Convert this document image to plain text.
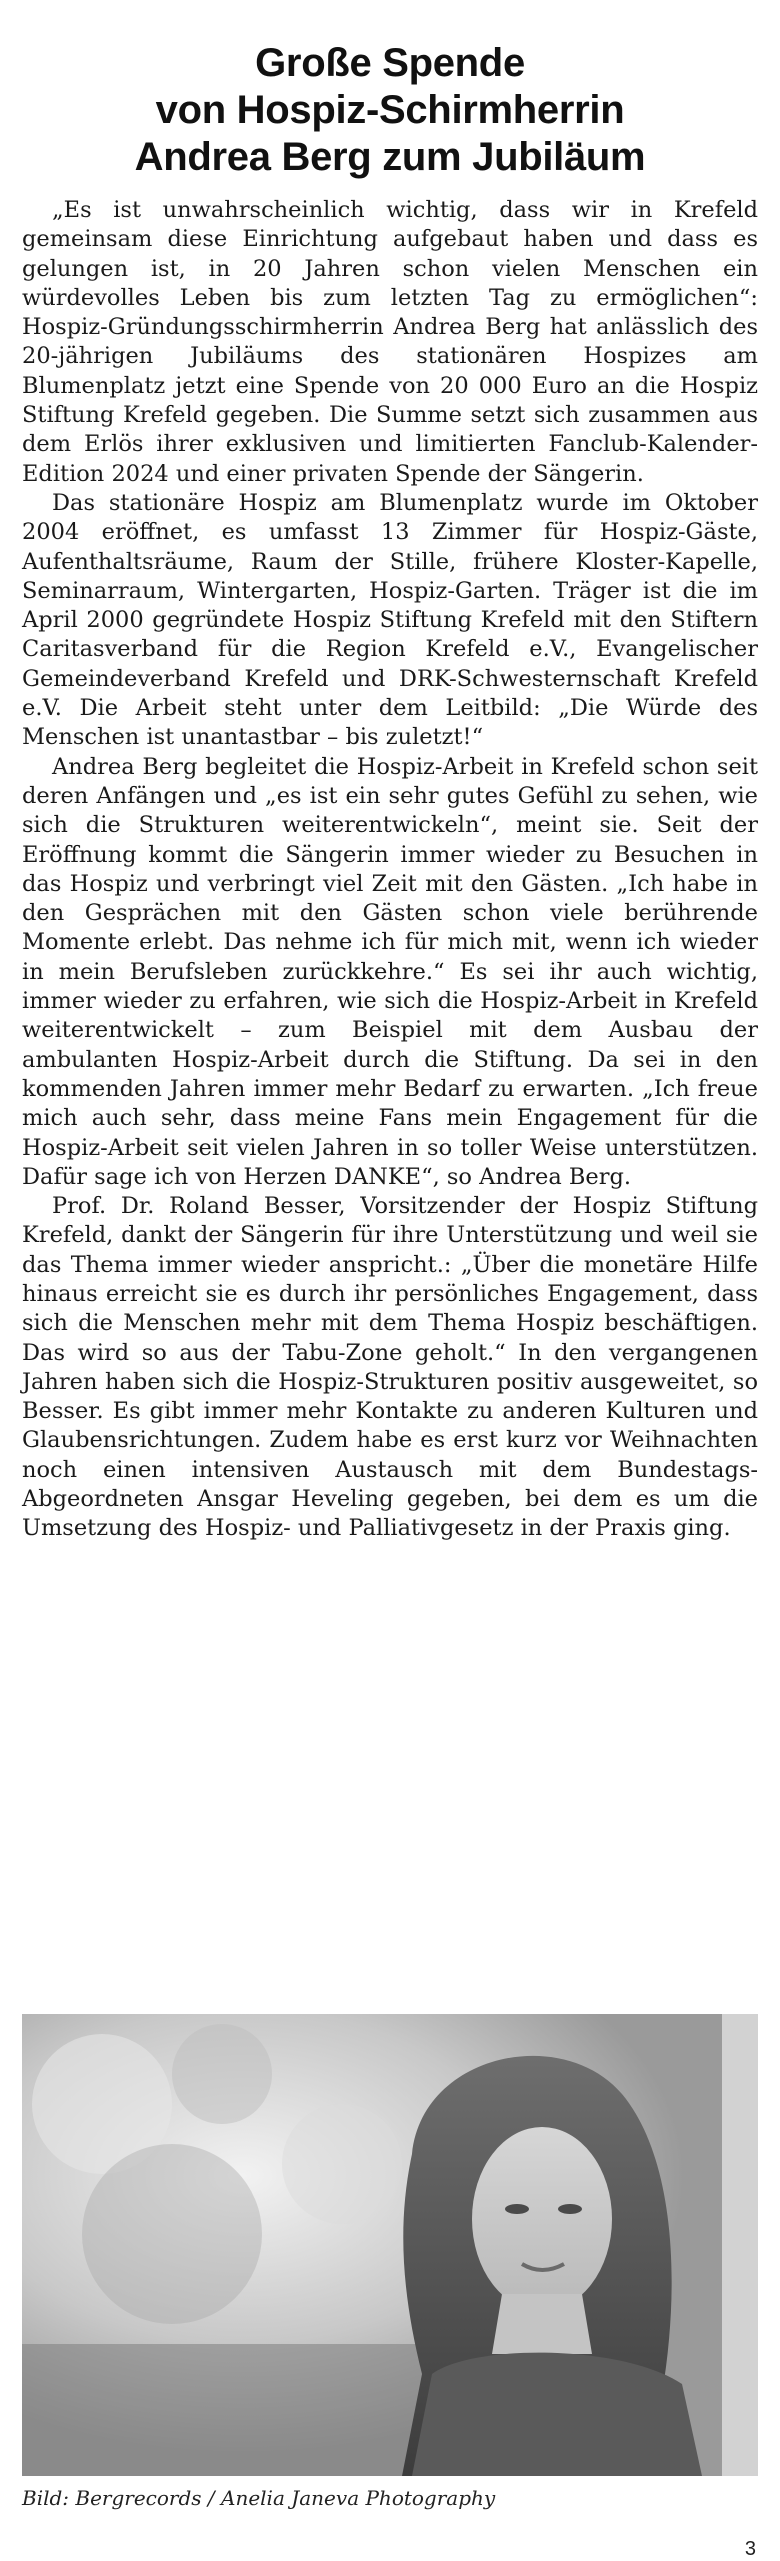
Große Spende
von Hospiz-Schirmherrin
Andrea Berg zum Jubiläum

„Es ist unwahrscheinlich wichtig, dass wir in Krefeld gemeinsam diese Einrichtung aufgebaut haben und dass es gelungen ist, in 20 Jahren schon vielen Menschen ein würdevolles Leben bis zum letzten Tag zu ermöglichen“: Hospiz-Gründungsschirmherrin Andrea Berg hat anlässlich des 20-jährigen Jubiläums des stationären Hospizes am Blumenplatz jetzt eine Spende von 20 000 Euro an die Hospiz Stiftung Krefeld gegeben. Die Summe setzt sich zusammen aus dem Erlös ihrer exklusiven und limitierten Fanclub-Kalender-Edition 2024 und einer privaten Spende der Sängerin.

Das stationäre Hospiz am Blumenplatz wurde im Oktober 2004 eröffnet, es umfasst 13 Zimmer für Hospiz-Gäste, Aufenthaltsräume, Raum der Stille, frühere Kloster-Kapelle, Seminarraum, Wintergarten, Hospiz-Garten. Träger ist die im April 2000 gegründete Hospiz Stiftung Krefeld mit den Stiftern Caritasverband für die Region Krefeld e.V., Evangelischer Gemeindeverband Krefeld und DRK-Schwesternschaft Krefeld e.V. Die Arbeit steht unter dem Leitbild: „Die Würde des Menschen ist unantastbar – bis zuletzt!“

Andrea Berg begleitet die Hospiz-Arbeit in Krefeld schon seit deren Anfängen und „es ist ein sehr gutes Gefühl zu sehen, wie sich die Strukturen weiterentwickeln“, meint sie. Seit der Eröffnung kommt die Sängerin immer wieder zu Besuchen in das Hospiz und verbringt viel Zeit mit den Gästen. „Ich habe in den Gesprächen mit den Gästen schon viele berührende Momente erlebt. Das nehme ich für mich mit, wenn ich wieder in mein Berufsleben zurückkehre.“ Es sei ihr auch wichtig, immer wieder zu erfahren, wie sich die Hospiz-Arbeit in Krefeld weiterentwickelt – zum Beispiel mit dem Ausbau der ambulanten Hospiz-Arbeit durch die Stiftung. Da sei in den kommenden Jahren immer mehr Bedarf zu erwarten. „Ich freue mich auch sehr, dass meine Fans mein Engagement für die Hospiz-Arbeit seit vielen Jahren in so toller Weise unterstützen. Dafür sage ich von Herzen DANKE“, so Andrea Berg.

Prof. Dr. Roland Besser, Vorsitzender der Hospiz Stiftung Krefeld, dankt der Sängerin für ihre Unterstützung und weil sie das Thema immer wieder anspricht.: „Über die monetäre Hilfe hinaus erreicht sie es durch ihr persönliches Engagement, dass sich die Menschen mehr mit dem Thema Hospiz beschäftigen. Das wird so aus der Tabu-Zone geholt.“ In den vergangenen Jahren haben sich die Hospiz-Strukturen positiv ausgeweitet, so Besser. Es gibt immer mehr Kontakte zu anderen Kulturen und Glaubensrichtungen. Zudem habe es erst kurz vor Weihnachten noch einen intensiven Austausch mit dem Bundestags-Abgeordneten Ansgar Heveling gegeben, bei dem es um die Umsetzung des Hospiz- und Palliativgesetz in der Praxis ging.

Bild: Bergrecords / Anelia Janeva Photography
3
